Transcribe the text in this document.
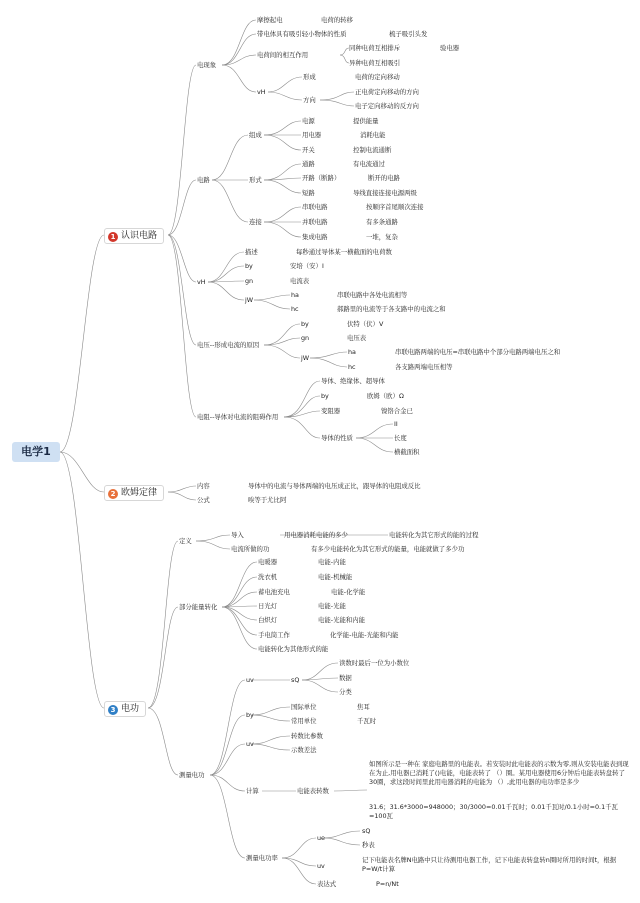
电学1
1 认识电路
2 欧姆定律
3 电功
电现象
摩擦起电	电荷的转移
带电体具有吸引轻小物体的性质	梳子吸引头发
电荷间的相互作用
同种电荷互相排斥	验电器
异种电荷互相吸引
vH
形成	电荷的定向移动
方向
正电荷定向移动的方向
电子定向移动的反方向
电路
组成
电源	提供能量
用电器	消耗电能
开关	控制电流通断
形式
通路	有电流通过
开路（断路）	断开的电路
短路	导线直接连接电源两级
连接
串联电路	按顺序首尾顺次连接
并联电路	有多条通路
集成电路	一堆，复杂
vH
描述	每秒通过导体某一横截面的电荷数
by	安培（安）I
gn	电流表
jW
ha	串联电路中各处电流相等
hc	郝路里的电流等于各支路中的电流之和
电压--形成电流的原因
by	伏特（伏）V
gn	电压表
jW
ha	串联电路两端的电压=串联电路中个部分电路两端电压之和
hc	各支路两端电压相等
电阻--导体对电流的阻碍作用
导体、绝缘体、超导体
by	欧姆（欧）Ω
变阻器	镍铬合金已
II
导体的性质	长度
横截面积
内容	导体中的电流与导体两端的电压成正比，跟导体的电阻成反比
公式	唉等于尤比阿
定义
导入	用电器消耗电能的多少	电能转化为其它形式的能的过程
电流所做的功	有多少电能转化为其它形式的能量，电能就做了多少功
部分能量转化
电暖器	电能-内能
洗衣机	电能-机械能
蓄电池充电	电能-化学能
日光灯	电能-光能
白炽灯	电能-光能和内能
手电筒工作	化学能-电能-光能和内能
电能转化为其他形式的能
测量电功
uv	sQ
读数时最后一位为小数位
数据
分类
by
国际单位	焦耳
常用单位	千瓦时
uv
转数比参数
示数差法
计算	电能表转数
如图所示是一种在 家庭电路里的电能表。若安装时此电能表的示数为零,则从安装电能表到现在为止,用电器已消耗了()电能，电能表转了 （）圈。某用电器使用6分钟后电能表转盘转了30圈，求这段时间里此用电器消耗的电能为 （）,此用电器的电功率是多少
31.6；31.6*3000=948000；30/3000=0.01千瓦时；0.01千瓦时/0.1小时=0.1千瓦=100瓦
测量电功率
ue
sQ
秒表
uv
记下电能表名牌N电路中只让待测用电器工作，记下电能表转盘转n圈时所用的时间t，根据P=W/t计算
表达式	P=n/Nt
